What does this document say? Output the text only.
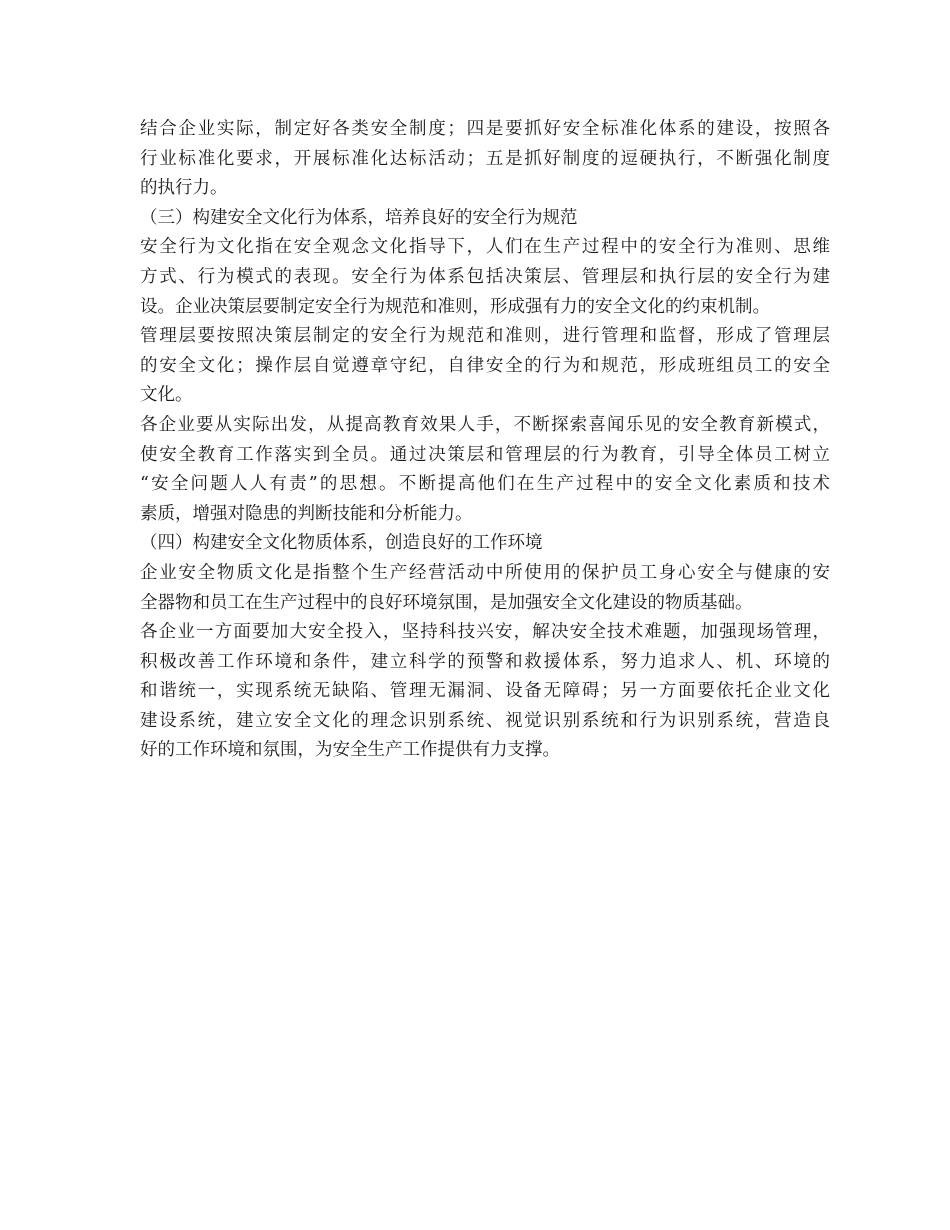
结合企业实际，制定好各类安全制度；四是要抓好安全标准化体系的建设，按照各
行业标准化要求，开展标准化达标活动；五是抓好制度的逗硬执行，不断强化制度
的执行力。
（三）构建安全文化行为体系，培养良好的安全行为规范
安全行为文化指在安全观念文化指导下，人们在生产过程中的安全行为准则、思维
方式、行为模式的表现。安全行为体系包括决策层、管理层和执行层的安全行为建
设。企业决策层要制定安全行为规范和准则，形成强有力的安全文化的约束机制。
管理层要按照决策层制定的安全行为规范和准则，进行管理和监督，形成了管理层
的安全文化；操作层自觉遵章守纪，自律安全的行为和规范，形成班组员工的安全
文化。
各企业要从实际出发，从提高教育效果人手，不断探索喜闻乐见的安全教育新模式，
使安全教育工作落实到全员。通过决策层和管理层的行为教育，引导全体员工树立
“安全问题人人有责”的思想。不断提高他们在生产过程中的安全文化素质和技术
素质，增强对隐患的判断技能和分析能力。
（四）构建安全文化物质体系，创造良好的工作环境
企业安全物质文化是指整个生产经营活动中所使用的保护员工身心安全与健康的安
全器物和员工在生产过程中的良好环境氛围，是加强安全文化建设的物质基础。
各企业一方面要加大安全投入，坚持科技兴安，解决安全技术难题，加强现场管理，
积极改善工作环境和条件，建立科学的预警和救援体系，努力追求人、机、环境的
和谐统一，实现系统无缺陷、管理无漏洞、设备无障碍；另一方面要依托企业文化
建设系统，建立安全文化的理念识别系统、视觉识别系统和行为识别系统，营造良
好的工作环境和氛围，为安全生产工作提供有力支撑。
